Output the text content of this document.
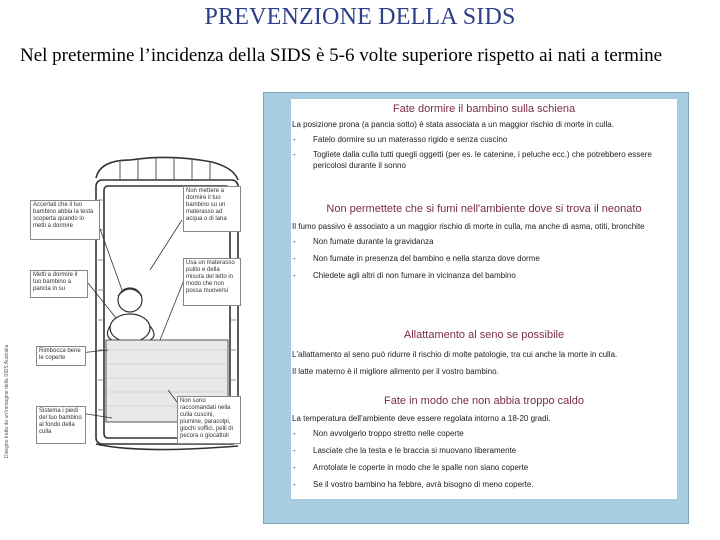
PREVENZIONE DELLA SIDS
Nel pretermine l’incidenza della SIDS è 5-6 volte superiore rispetto ai nati a termine
Non mettere a dormire il tuo bambino su un materasso ad acqua o di lana
Accertati che il tuo bambino abbia la testa scoperta quando lo metti a dormire
Metti a dormire il tuo bambino a pancia in su
Usa un materasso pulito e della misura del letto in modo che non possa muoversi
Rimbocca bene le coperte
Sistema i piedi del tuo bambino al fondo della culla
Non sono raccomandati nella culla cuscini, piumine, paracolpi, giochi soffici, pelli di pecora o giocattoli
Disegno tratto da un'immagine della SIDS Australia

Fate dormire il bambino sulla schiena

La posizione prona (a pancia sotto) è stata associata a un maggior rischio di morte in culla.

-	Fatelo dormire su un materasso rigido e senza cuscino

-	Togliete dalla culla tutti quegli oggetti (per es. le catenine, i peluche ecc.) che potrebbero essere pericolosi durante il sonno

Non permettete che si fumi nell'ambiente dove si trova il neonato

Il fumo passivo è associato a un maggior rischio di morte in culla, ma anche di asma, otiti, bronchite

-	Non fumate durante la gravidanza

-	Non fumate in presenza del bambino e nella stanza dove dorme

-	Chiedete agli altri di non fumare in vicinanza del bambino

Allattamento al seno se possibile

L'allattamento al seno può ridurre il rischio di molte patologie, tra cui anche la morte in culla.

Il latte materno è il migliore alimento per il vostro bambino.

Fate in modo che non abbia troppo caldo

La temperatura dell'ambiente deve essere regolata intorno a 18-20 gradi.

-	Non avvolgerlo troppo stretto nelle coperte

-	Lasciate che la testa e le braccia si muovano liberamente

-	Arrotolate le coperte in modo che le spalle non siano coperte

-	Se il vostro bambino ha febbre, avrà bisogno di meno coperte.
